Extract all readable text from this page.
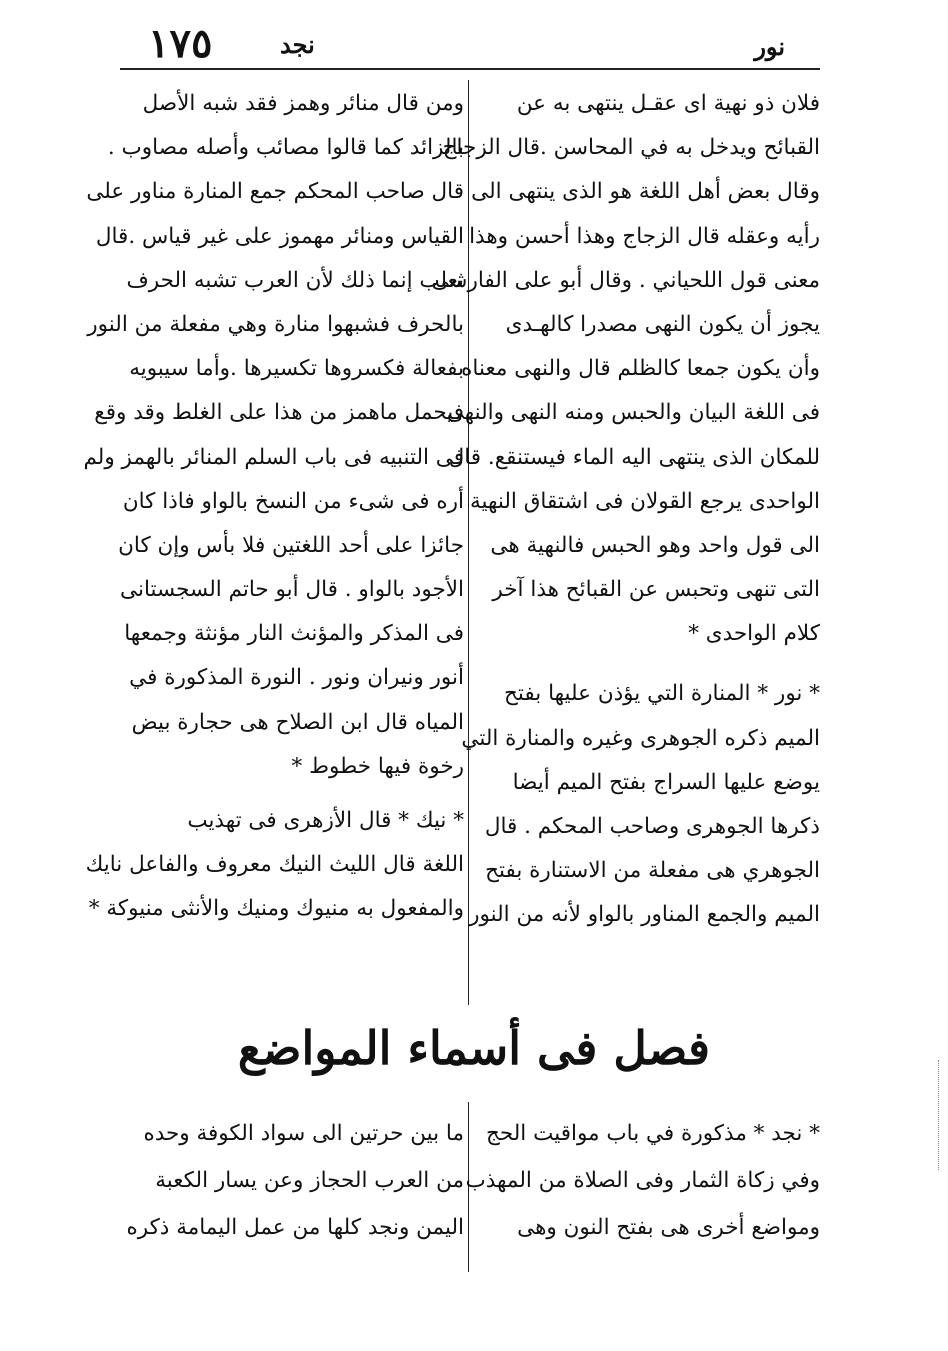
١٧٥	نجد	نور
فلان ذو نهية اى عقـل ينتهى به عن
القبائح ويدخل به في المحاسن .قال الزجاج
وقال بعض أهل اللغة هو الذى ينتهى الى
رأيه وعقله قال الزجاج وهذا أحسن وهذا
معنى قول اللحياني . وقال أبو على الفارسى
يجوز أن يكون النهى مصدرا كالهـدى
وأن يكون جمعا كالظلم قال والنهى معناه
فى اللغة البيان والحبس ومنه النهى والنهى
للمكان الذى ينتهى اليه الماء فيستنقع. قال
الواحدى يرجع القولان فى اشتقاق النهية
الى قول واحد وهو الحبس فالنهية هى
التى تنهى وتحبس عن القبائح هذا آخر
كلام الواحدى *
* نور * المنارة التي يؤذن عليها بفتح
الميم ذكره الجوهرى وغيره والمنارة التي
يوضع عليها السراج بفتح الميم أيضا
ذكرها الجوهرى وصاحب المحكم . قال
الجوهري هى مفعلة من الاستنارة بفتح
الميم والجمع المناور بالواو لأنه من النور
ومن قال منائر وهمز فقد شبه الأصل
بالزائد كما قالوا مصائب وأصله مصاوب .
قال صاحب المحكم جمع المنارة مناور على
القياس ومنائر مهموز على غير قياس .قال
ثعلب إنما ذلك لأن العرب تشبه الحرف
بالحرف فشبهوا منارة وهي مفعلة من النور
بفعالة فكسروها تكسيرها .وأما سيبويه
فيحمل ماهمز من هذا على الغلط وقد وقع
فى التنبيه فى باب السلم المنائر بالهمز ولم
أره فى شىء من النسخ بالواو فاذا كان
جائزا على أحد اللغتين فلا بأس وإن كان
الأجود بالواو . قال أبو حاتم السجستانى
فى المذكر والمؤنث النار مؤنثة وجمعها
أنور ونيران ونور . النورة المذكورة في
المياه قال ابن الصلاح هى حجارة بيض
رخوة فيها خطوط *
* نيك * قال الأزهرى فى تهذيب
اللغة قال الليث النيك معروف والفاعل نايك
والمفعول به منيوك ومنيك والأنثى منيوكة *
فصل فى أسماء المواضع
* نجد * مذكورة في باب مواقيت الحج
وفي زكاة الثمار وفى الصلاة من المهذب
ومواضع أخرى هى بفتح النون وهى
ما بين حرتين الى سواد الكوفة وحده
من العرب الحجاز وعن يسار الكعبة
اليمن ونجد كلها من عمل اليمامة ذكره
